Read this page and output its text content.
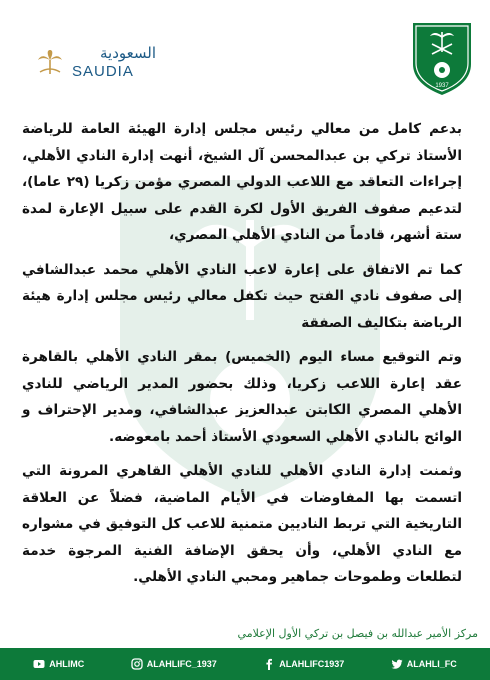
السعودية
SAUDIA
1937

بدعم كامل من معالي رئيس مجلس إدارة الهيئة العامة للرياضة الأستاذ تركي بن عبدالمحسن آل الشيخ، أنهت إدارة النادي الأهلي، إجراءات التعاقد مع اللاعب الدولي المصري مؤمن زكريا (٢٩ عاما)، لتدعيم صفوف الفريق الأول لكرة القدم على سبيل الإعارة لمدة ستة أشهر، قادماً من النادي الأهلي المصري،

كما تم الاتفاق على إعارة لاعب النادي الأهلي محمد عبدالشافي إلى صفوف نادي الفتح حيث تكفل معالي رئيس مجلس إدارة هيئة الرياضة بتكاليف الصفقة

وتم التوقيع مساء اليوم (الخميس) بمقر النادي الأهلي بالقاهرة عقد إعارة اللاعب زكريا، وذلك بحضور المدير الرياضي للنادي الأهلي المصري الكابتن عبدالعزيز عبدالشافي، ومدير الإحتراف و الوائح بالنادي الأهلي السعودي الأستاذ أحمد بامعوضه.

وثمنت إدارة النادي الأهلي للنادي الأهلي القاهري المرونة التي اتسمت بها المفاوضات في الأيام الماضية، فضلاً عن العلاقة التاريخية التي تربط الناديين متمنية للاعب كل التوفيق في مشواره مع النادي الأهلي، وأن يحقق الإضافة الفنية المرجوة خدمة لتطلعات وطموحات جماهير ومحبي النادي الأهلي.

مركز الأمير عبدالله بن فيصل بن تركي الأول الإعلامي
AHLIMC	ALAHLIFC_1937	ALAHLIFC1937	ALAHLI_FC
